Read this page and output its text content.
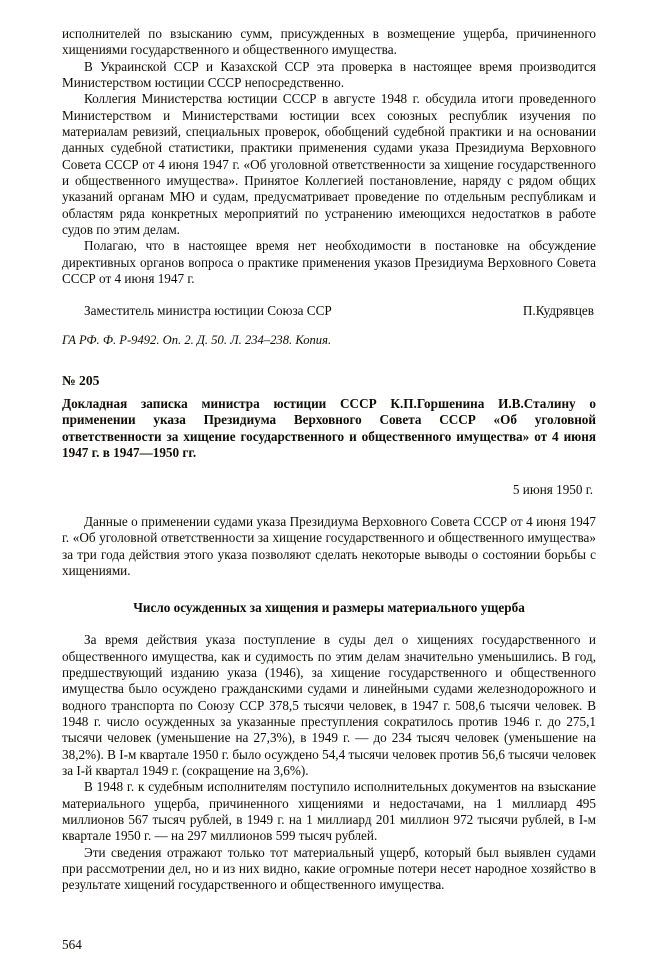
исполнителей по взысканию сумм, присужденных в возмещение ущерба, причиненного хищениями государственного и общественного имущества.

В Украинской ССР и Казахской ССР эта проверка в настоящее время производится Министерством юстиции СССР непосредственно.

Коллегия Министерства юстиции СССР в августе 1948 г. обсудила итоги проведенного Министерством и Министерствами юстиции всех союзных республик изучения по материалам ревизий, специальных проверок, обобщений судебной практики и на основании данных судебной статистики, практики применения судами указа Президиума Верховного Совета СССР от 4 июня 1947 г. «Об уголовной ответственности за хищение государственного и общественного имущества». Принятое Коллегией постановление, наряду с рядом общих указаний органам МЮ и судам, предусматривает проведение по отдельным республикам и областям ряда конкретных мероприятий по устранению имеющихся недостатков в работе судов по этим делам.

Полагаю, что в настоящее время нет необходимости в постановке на обсуждение директивных органов вопроса о практике применения указов Президиума Верховного Совета СССР от 4 июня 1947 г.

Заместитель министра юстиции Союза ССР	П.Кудрявцев
ГА РФ. Ф. Р-9492. Оп. 2. Д. 50. Л. 234–238. Копия.
№ 205
Докладная записка министра юстиции СССР К.П.Горшенина И.В.Сталину о применении указа Президиума Верховного Совета СССР «Об уголовной ответственности за хищение государственного и общественного имущества» от 4 июня 1947 г. в 1947—1950 гг.
5 июня 1950 г.

Данные о применении судами указа Президиума Верховного Совета СССР от 4 июня 1947 г. «Об уголовной ответственности за хищение государственного и общественного имущества» за три года действия этого указа позволяют сделать некоторые выводы о состоянии борьбы с хищениями.

Число осужденных за хищения и размеры материального ущерба

За время действия указа поступление в суды дел о хищениях государственного и общественного имущества, как и судимость по этим делам значительно уменьшились. В год, предшествующий изданию указа (1946), за хищение государственного и общественного имущества было осуждено гражданскими судами и линейными судами железнодорожного и водного транспорта по Союзу ССР 378,5 тысячи человек, в 1947 г. 508,6 тысячи человек. В 1948 г. число осужденных за указанные преступления сократилось против 1946 г. до 275,1 тысячи человек (уменьшение на 27,3%), в 1949 г. — до 234 тысяч человек (уменьшение на 38,2%). В I-м квартале 1950 г. было осуждено 54,4 тысячи человек против 56,6 тысячи человек за I-й квартал 1949 г. (сокращение на 3,6%).

В 1948 г. к судебным исполнителям поступило исполнительных документов на взыскание материального ущерба, причиненного хищениями и недостачами, на 1 миллиард 495 миллионов 567 тысяч рублей, в 1949 г. на 1 миллиард 201 миллион 972 тысячи рублей, в I-м квартале 1950 г. — на 297 миллионов 599 тысяч рублей.

Эти сведения отражают только тот материальный ущерб, который был выявлен судами при рассмотрении дел, но и из них видно, какие огромные потери несет народное хозяйство в результате хищений государственного и общественного имущества.

564
